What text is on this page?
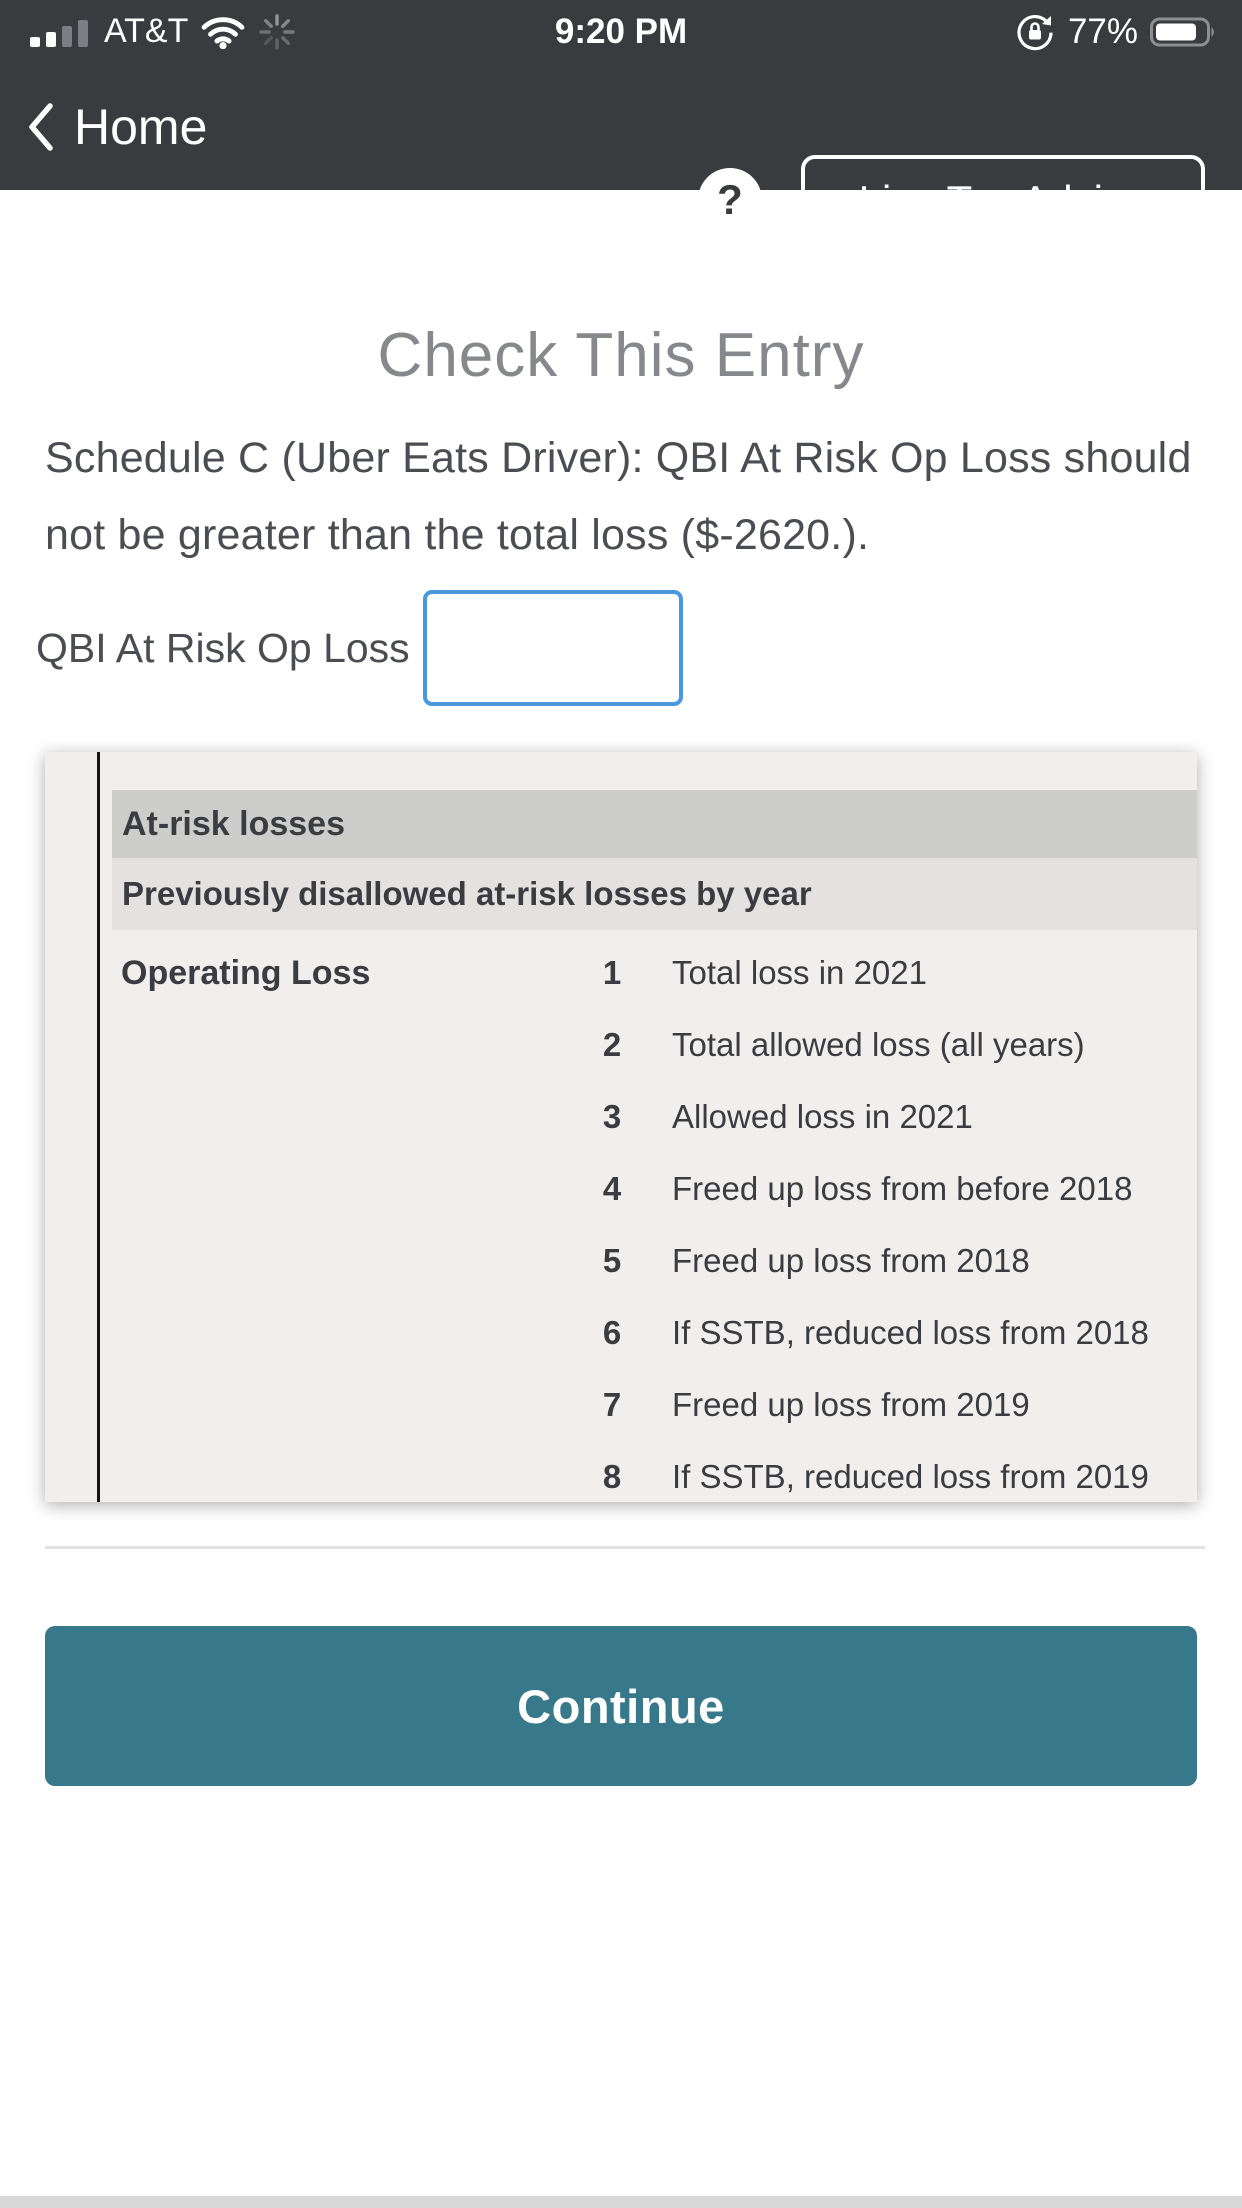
AT&T	9:20 PM	77%
Home
?	Live Tax Advice
Check This Entry
Schedule C (Uber Eats Driver): QBI At Risk Op Loss should
not be greater than the total loss ($-2620.).
QBI At Risk Op Loss
At-risk losses
Previously disallowed at-risk losses by year
Operating Loss	1 Total loss in 2021
2 Total allowed loss (all years)
3 Allowed loss in 2021
4 Freed up loss from before 2018
5 Freed up loss from 2018
6 If SSTB, reduced loss from 2018
7 Freed up loss from 2019
8 If SSTB, reduced loss from 2019
Continue
